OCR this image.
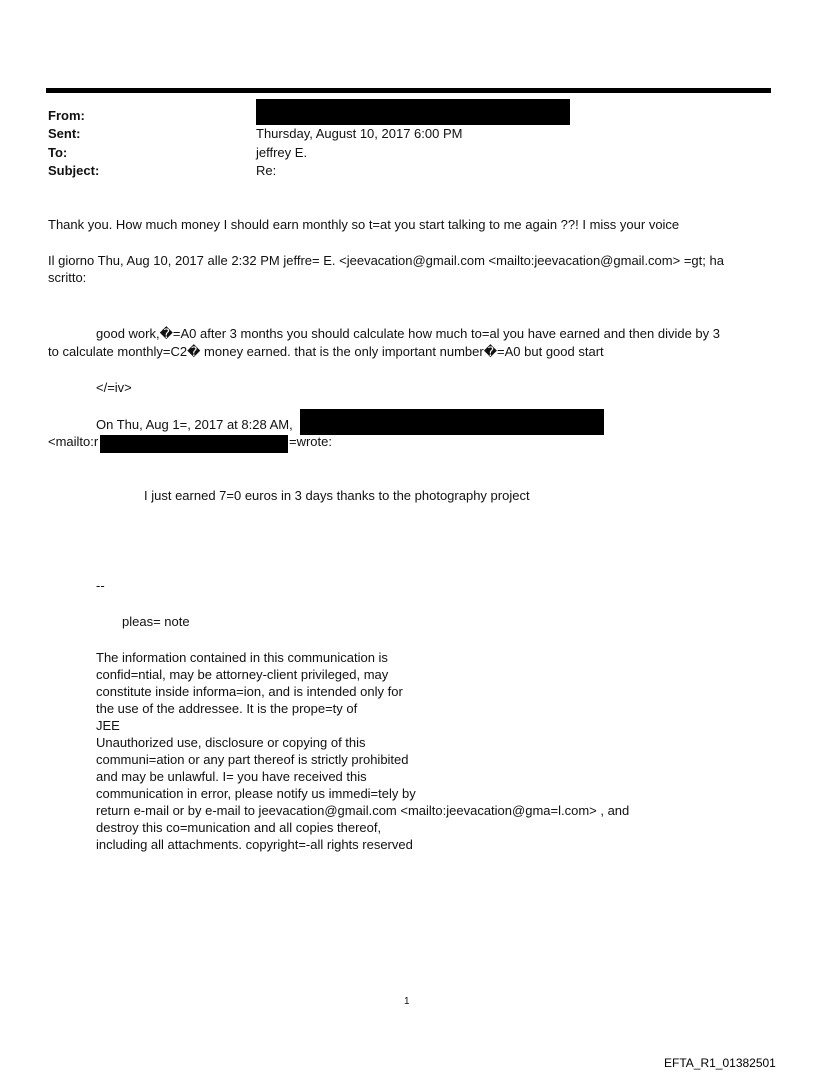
From:
Sent:	Thursday, August 10, 2017 6:00 PM
To:	jeffrey E.
Subject:	Re:
Thank you. How much money I should earn monthly so t=at you start talking to me again ??! I miss your voice
Il giorno Thu, Aug 10, 2017 alle 2:32 PM jeffre= E. <jeevacation@gmail.com <mailto:jeevacation@gmail.com> =gt; ha scritto:
good work,�=A0 after 3 months you should calculate how much to=al you have earned and then divide by 3
to calculate monthly=C2� money earned. that is the only important number�=A0 but good start
</=iv>
On Thu, Aug 1=, 2017 at 8:28 AM,
<mailto:r	=wrote:
I just earned 7=0 euros in 3 days thanks to the photography project
--
pleas= note
The information contained in this communication is
confid=ntial, may be attorney-client privileged, may
constitute inside informa=ion, and is intended only for
the use of the addressee. It is the prope=ty of
JEE
Unauthorized use, disclosure or copying of this
communi=ation or any part thereof is strictly prohibited
and may be unlawful. I= you have received this
communication in error, please notify us immedi=tely by
return e-mail or by e-mail to jeevacation@gmail.com <mailto:jeevacation@gma=l.com> , and
destroy this co=munication and all copies thereof,
including all attachments. copyright=-all rights reserved
1
EFTA_R1_01382501
